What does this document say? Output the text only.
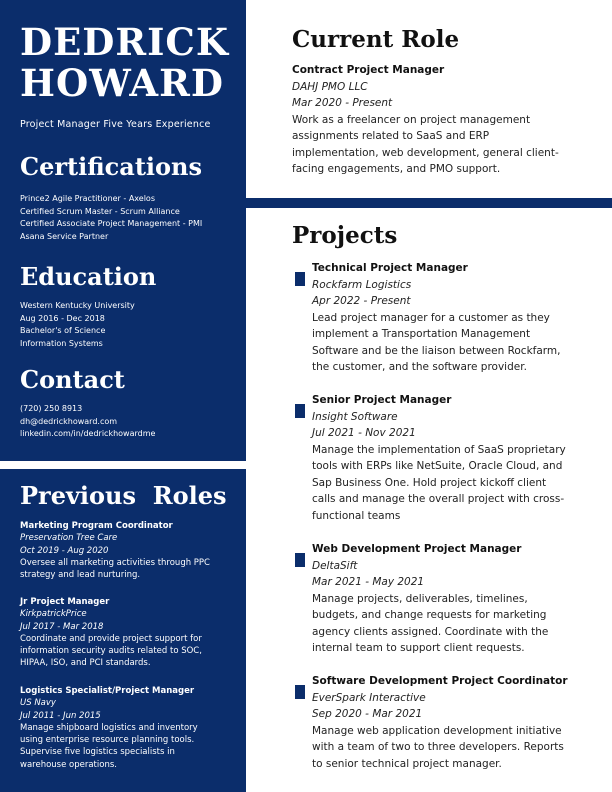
DEDRICK
HOWARD
Project Manager Five Years Experience
Certifications
Prince2 Agile Practitioner - Axelos
Certified Scrum Master - Scrum Alliance
Certified Associate Project Management - PMI
Asana Service Partner
Education
Western Kentucky University
Aug 2016 - Dec 2018
Bachelor's of Science
Information Systems
Contact
(720) 250 8913
dh@dedrickhoward.com
linkedin.com/in/dedrickhowardme
Previous  Roles
Marketing Program Coordinator
Preservation Tree Care
Oct 2019 - Aug 2020
Oversee all marketing activities through PPC
strategy and lead nurturing.
Jr Project Manager
KirkpatrickPrice
Jul 2017 - Mar 2018
Coordinate and provide project support for
information security audits related to SOC,
HIPAA, ISO, and PCI standards.
Logistics Specialist/Project Manager
US Navy
Jul 2011 - Jun 2015
Manage shipboard logistics and inventory
using enterprise resource planning tools.
Supervise five logistics specialists in
warehouse operations.
Current Role
Contract Project Manager
DAHJ PMO LLC
Mar 2020 - Present
Work as a freelancer on project management
assignments related to SaaS and ERP
implementation, web development, general client-
facing engagements, and PMO support.
Projects
Technical Project Manager
Rockfarm Logistics
Apr 2022 - Present
Lead project manager for a customer as they
implement a Transportation Management
Software and be the liaison between Rockfarm,
the customer, and the software provider.
Senior Project Manager
Insight Software
Jul 2021 - Nov 2021
Manage the implementation of SaaS proprietary
tools with ERPs like NetSuite, Oracle Cloud, and
Sap Business One. Hold project kickoff client
calls and manage the overall project with cross-
functional teams
Web Development Project Manager
DeltaSift
Mar 2021 - May 2021
Manage projects, deliverables, timelines,
budgets, and change requests for marketing
agency clients assigned. Coordinate with the
internal team to support client requests.
Software Development Project Coordinator
EverSpark Interactive
Sep 2020 - Mar 2021
Manage web application development initiative
with a team of two to three developers. Reports
to senior technical project manager.
